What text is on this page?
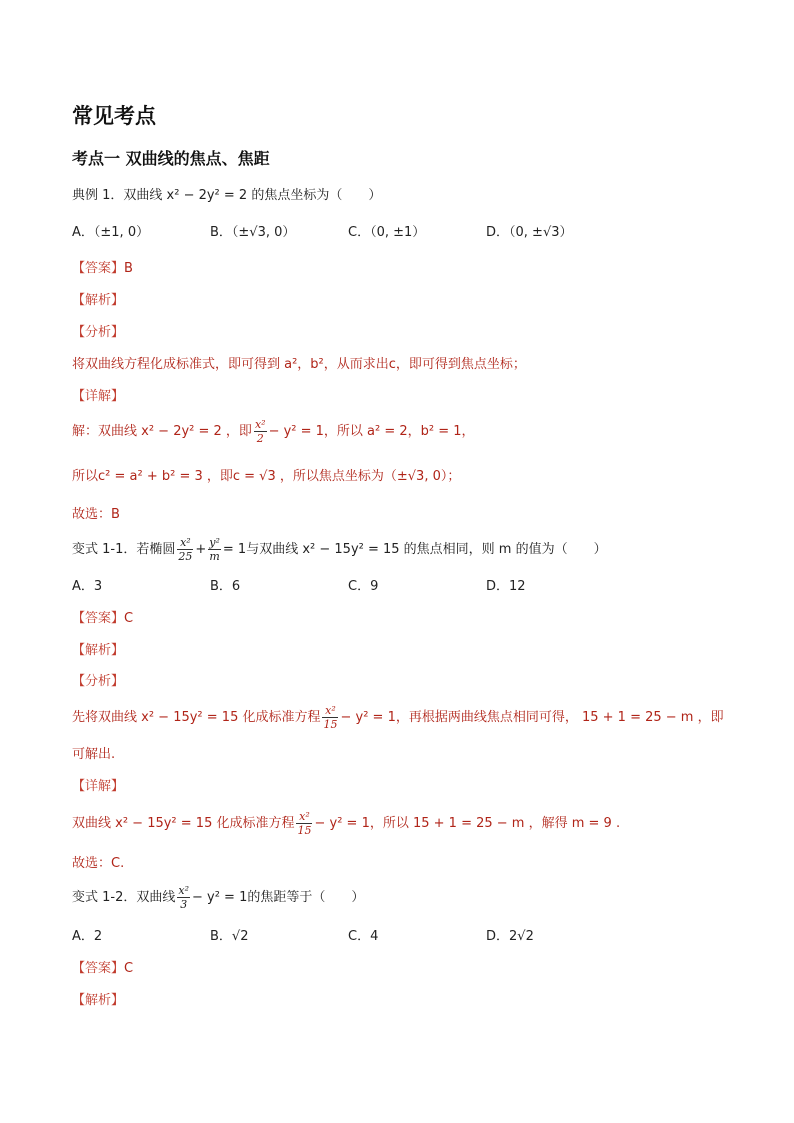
常见考点
考点一 双曲线的焦点、焦距
典例 1．双曲线 x² − 2y² = 2 的焦点坐标为（　　）
A．（±1, 0）	B．（±√3, 0）	C．（0, ±1）	D．（0, ±√3）
【答案】B
【解析】
【分析】
将双曲线方程化成标准式，即可得到 a²，b²，从而求出c，即可得到焦点坐标；
【详解】
解：双曲线 x² − 2y² = 2 ，即 $\frac{\text{x²}}{2} - y^2 = 1$，所以 a² = 2，b² = 1，
所以c² = a² + b² = 3 ，即c = √3 ，所以焦点坐标为（±√3, 0）；
故选：B
变式 1-1．若椭圆 $\frac{\text{x²}}{25} + \frac{\text{y²}}{m} = 1$与双曲线 x² − 15y² = 15 的焦点相同，则 m 的值为（　　）
A．3	B．6	C．9	D．12
【答案】C
【解析】
【分析】
先将双曲线 x² − 15y² = 15 化成标准方程 $\frac{\text{x²}}{15} - y^2 = 1$，再根据两曲线焦点相同可得， 15 + 1 = 25 − m ，即
可解出.
【详解】
双曲线 x² − 15y² = 15 化成标准方程 $\frac{\text{x²}}{15} - y^2 = 1$，所以 15 + 1 = 25 − m ，解得 m = 9 .
故选：C.
变式 1-2．双曲线 $\frac{\text{x²}}{3} - y^2 = 1$的焦距等于（　　）
A．2	B．√2	C．4	D．2√2
【答案】C
【解析】
